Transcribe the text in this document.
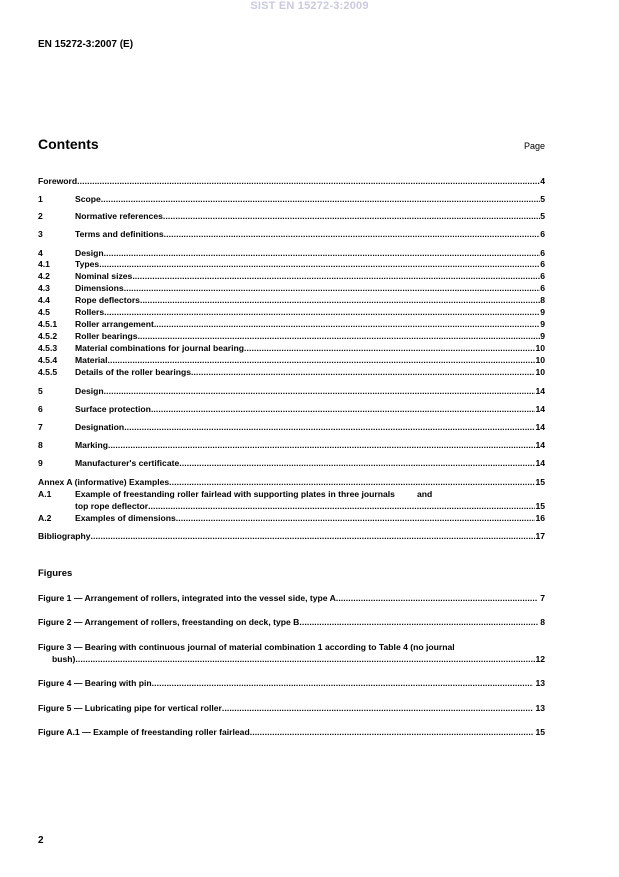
SIST EN 15272-3:2009
EN 15272-3:2007 (E)
Contents	Page
Foreword .....	4
1	Scope .....	5
2	Normative references .....	5
3	Terms and definitions .....	6
4	Design .....	6
4.1	Types .....	6
4.2	Nominal sizes .....	6
4.3	Dimensions .....	6
4.4	Rope deflectors .....	8
4.5	Rollers .....	9
4.5.1	Roller arrangement .....	9
4.5.2	Roller bearings .....	9
4.5.3	Material combinations for journal bearing .....	10
4.5.4	Material .....	10
4.5.5	Details of the roller bearings .....	10
5	Design .....	14
6	Surface protection .....	14
7	Designation .....	14
8	Marking .....	14
9	Manufacturer's certificate .....	14
Annex A (informative) Examples .....	15
A.1	Example of freestanding roller fairlead with supporting plates in three journals	and
top rope deflector .....	15
A.2	Examples of dimensions .....	16
Bibliography .....	17
Figures
Figure 1 — Arrangement of rollers, integrated into the vessel side, type A .....	7
Figure 2 — Arrangement of rollers, freestanding on deck, type B .....	8
Figure 3 — Bearing with continuous journal of material combination 1 according to Table 4 (no journal
bush) .....	12
Figure 4 — Bearing with pin .....	13
Figure 5 — Lubricating pipe for vertical roller .....	13
Figure A.1 — Example of freestanding roller fairlead .....	15
2
